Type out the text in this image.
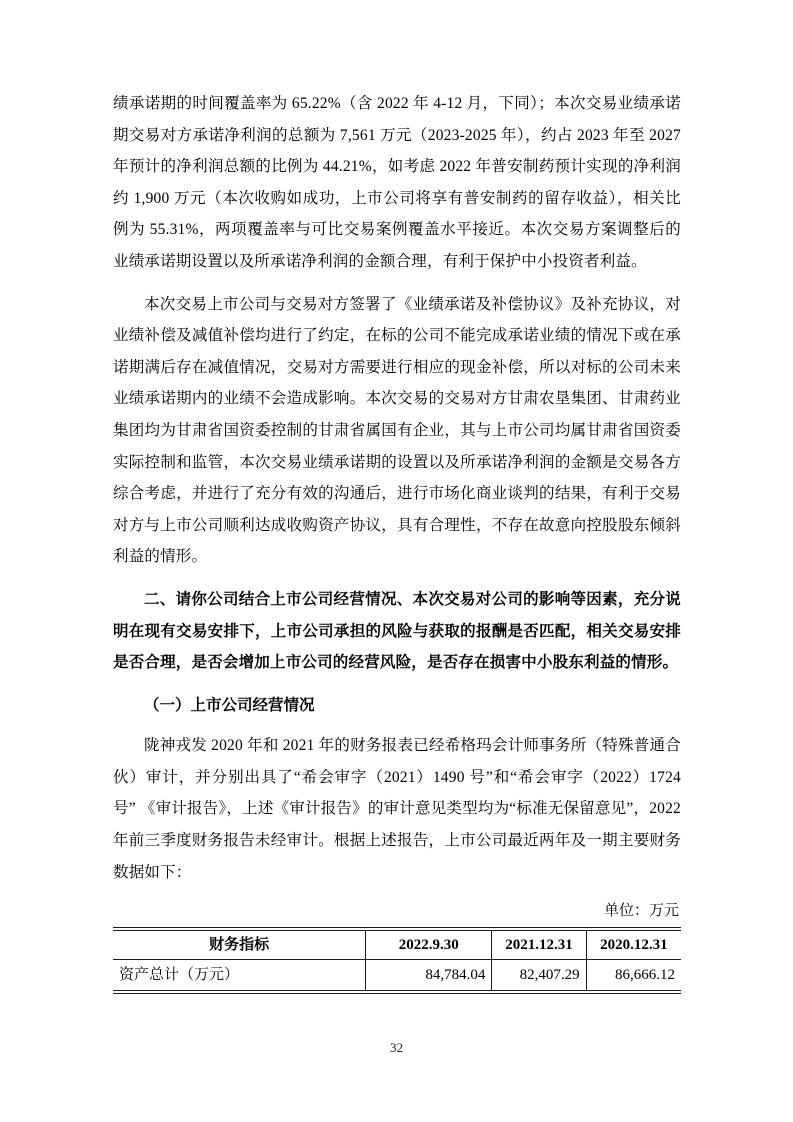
绩承诺期的时间覆盖率为 65.22%（含 2022 年 4-12 月，下同）；本次交易业绩承诺期交易对方承诺净利润的总额为 7,561 万元（2023-2025 年），约占 2023 年至 2027 年预计的净利润总额的比例为 44.21%，如考虑 2022 年普安制药预计实现的净利润约 1,900 万元（本次收购如成功，上市公司将享有普安制药的留存收益），相关比例为 55.31%，两项覆盖率与可比交易案例覆盖水平接近。本次交易方案调整后的业绩承诺期设置以及所承诺净利润的金额合理，有利于保护中小投资者利益。

本次交易上市公司与交易对方签署了《业绩承诺及补偿协议》及补充协议，对业绩补偿及减值补偿均进行了约定，在标的公司不能完成承诺业绩的情况下或在承诺期满后存在减值情况，交易对方需要进行相应的现金补偿，所以对标的公司未来业绩承诺期内的业绩不会造成影响。本次交易的交易对方甘肃农垦集团、甘肃药业集团均为甘肃省国资委控制的甘肃省属国有企业，其与上市公司均属甘肃省国资委实际控制和监管，本次交易业绩承诺期的设置以及所承诺净利润的金额是交易各方综合考虑，并进行了充分有效的沟通后，进行市场化商业谈判的结果，有利于交易对方与上市公司顺利达成收购资产协议，具有合理性，不存在故意向控股股东倾斜利益的情形。

二、请你公司结合上市公司经营情况、本次交易对公司的影响等因素，充分说明在现有交易安排下，上市公司承担的风险与获取的报酬是否匹配，相关交易安排是否合理，是否会增加上市公司的经营风险，是否存在损害中小股东利益的情形。

（一）上市公司经营情况

陇神戎发 2020 年和 2021 年的财务报表已经希格玛会计师事务所（特殊普通合伙）审计，并分别出具了“希会审字（2021）1490 号”和“希会审字（2022）1724 号” 《审计报告》，上述《审计报告》的审计意见类型均为“标准无保留意见”，2022 年前三季度财务报告未经审计。根据上述报告，上市公司最近两年及一期主要财务数据如下：

单位：万元
财务指标	2022.9.30	2021.12.31	2020.12.31
资产总计（万元）	84,784.04	82,407.29	86,666.12
32
